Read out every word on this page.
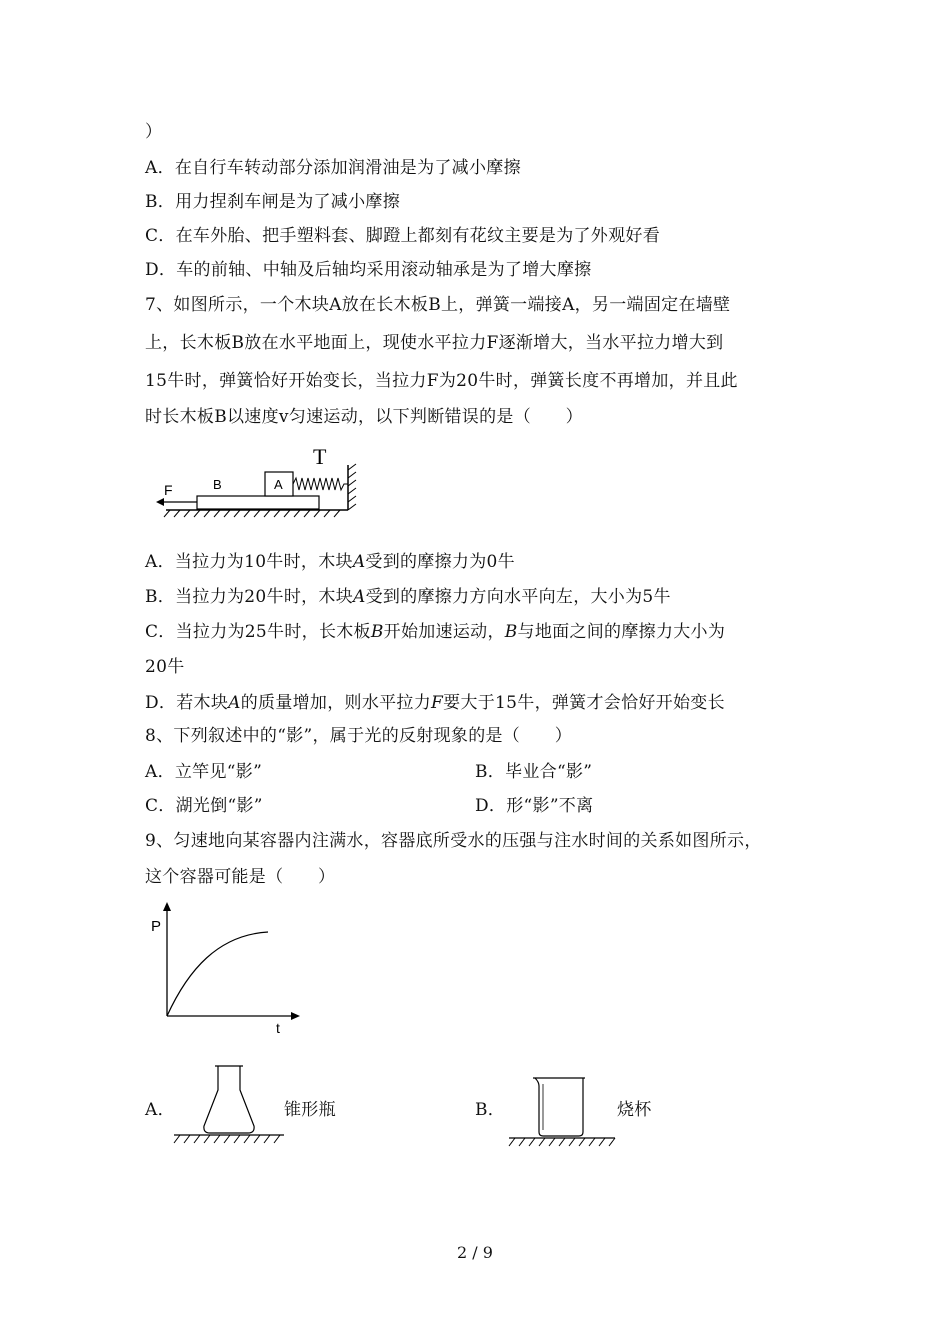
）
A．在自行车转动部分添加润滑油是为了减小摩擦
B．用力捏刹车闸是为了减小摩擦
C．在车外胎、把手塑料套、脚蹬上都刻有花纹主要是为了外观好看
D．车的前轴、中轴及后轴均采用滚动轴承是为了增大摩擦
7、如图所示，一个木块A放在长木板B上，弹簧一端接A，另一端固定在墙壁
上，长木板B放在水平地面上，现使水平拉力F逐渐增大，当水平拉力增大到
15牛时，弹簧恰好开始变长，当拉力F为20牛时，弹簧长度不再增加，并且此
时长木板B以速度v匀速运动，以下判断错误的是（　　）
T
F	B	A
A．当拉力为10牛时，木块A受到的摩擦力为0牛
B．当拉力为20牛时，木块A受到的摩擦力方向水平向左，大小为5牛
C．当拉力为25牛时，长木板B开始加速运动，B与地面之间的摩擦力大小为
20牛
D．若木块A的质量增加，则水平拉力F要大于15牛，弹簧才会恰好开始变长
8、下列叙述中的“影”，属于光的反射现象的是（　　）
A．立竿见“影”	B．毕业合“影”
C．湖光倒“影”	D．形“影”不离
9、匀速地向某容器内注满水，容器底所受水的压强与注水时间的关系如图所示，
这个容器可能是（　　）
P
t
A．	锥形瓶	B．	烧杯
2 / 9
